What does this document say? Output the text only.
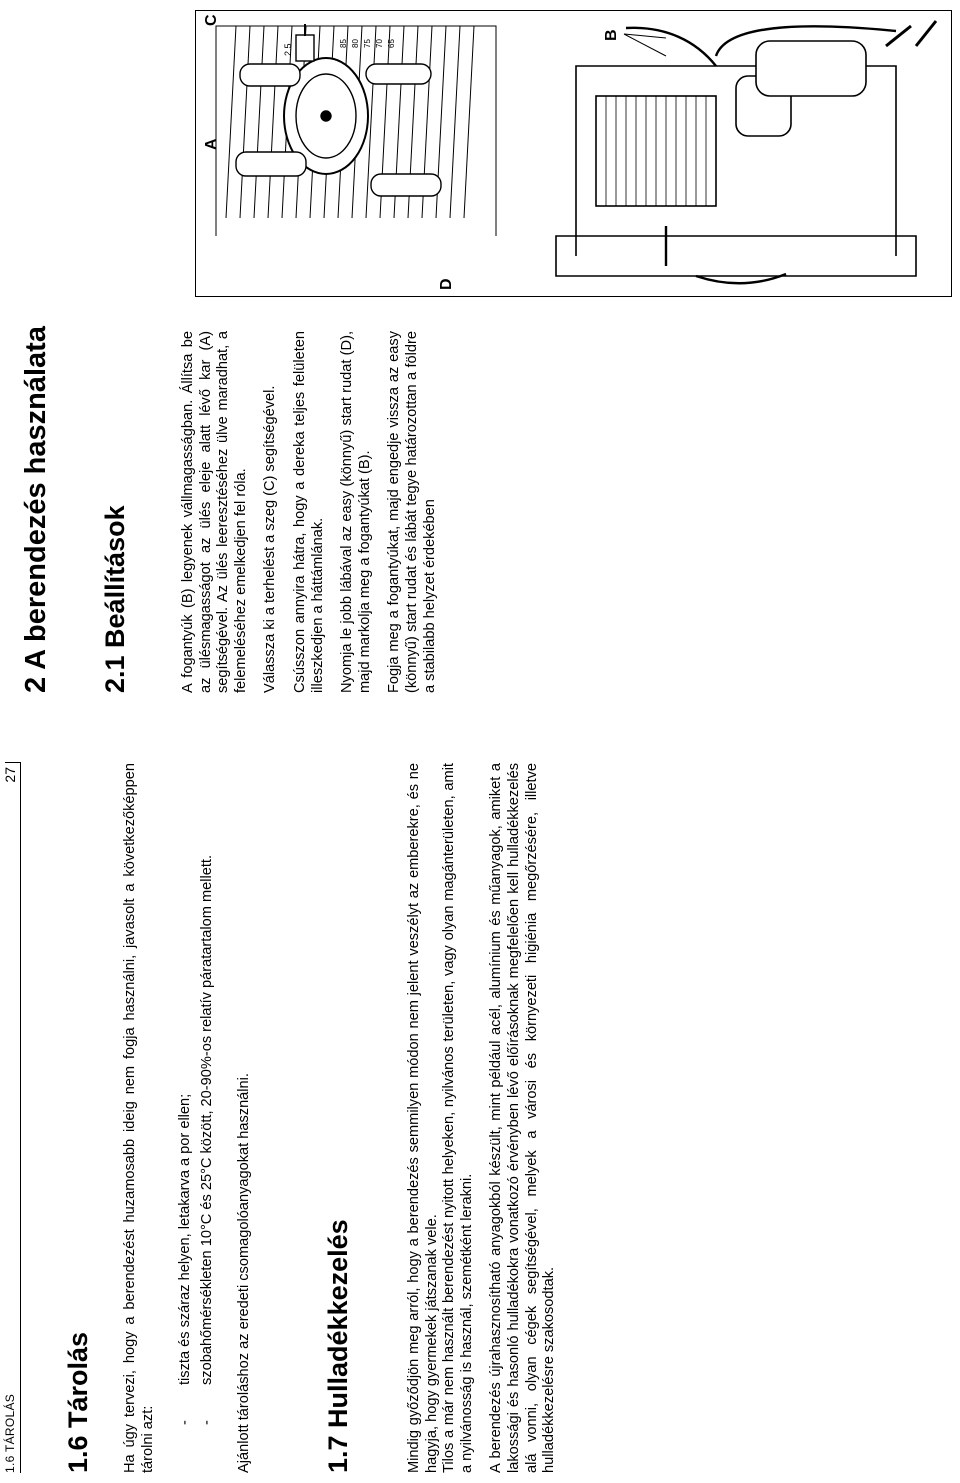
1.6 TÁROLÁS
27
1.6 Tárolás Ha úgy tervezi, hogy a berendezést huzamosabb ideig nem fogja használni, javasolt a következőképpen tárolni azt: -
tiszta és száraz helyen, letakarva a por ellen;
-
szobahőmérsékleten 10°C és 25°C között, 20-90%-os relatív páratartalom mellett. Ajánlott tároláshoz az eredeti csomagolóanyagokat használni.	1.7 Hulladékkezelés	Mindig győződjön meg arról, hogy a berendezés semmilyen módon nem jelent veszélyt az emberekre, és ne hagyja, hogy gyermekek játszanak vele. Tilos a már nem használt berendezést nyitott helyeken, nyilvános területen, vagy olyan magánterületen, amit a nyilvánosság is használ, szemétként lerakni. A berendezés újrahasznosítható anyagokból készült, mint például acél, alumínium és műanyagok, amiket a lakossági és hasonló hulladékokra vonatkozó érvényben lévő előírásoknak megfelelően kell hulladékkezelés alá vonni, olyan cégek segítségével, melyek a városi és környezeti higiénia megőrzésére, illetve hulladékkezelésre szakosodtak.

2 A berendezés használata 2.1 Beállítások	A fogantyúk (B) legyenek vállmagasságban. Állítsa be az ülésmagasságot az ülés eleje alatt lévő kar (A) segítségével. Az ülés leeresztéséhez ülve maradhat, a felemeléséhez emelkedjen fel róla. Válassza ki a terhelést a szeg (C) segítségével. Csússzon annyira hátra, hogy a dereka teljes felületen illeszkedjen a háttámlának. Nyomja le jobb lábával az easy (könnyű) start rudat (D), majd markolja meg a fogantyúkat (B). Fogja meg a fogantyúkat, majd engedje vissza az easy (könnyű) start rudat és lábát tegye határozottan a földre a stabilabb helyzet érdekében

C
A
D
2.5	85 80 75 70 65
B
